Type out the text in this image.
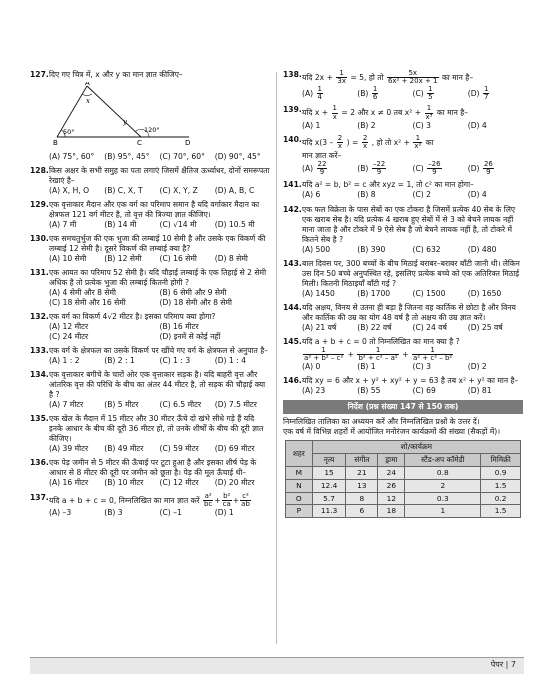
127. दिए गए चित्र में, x और y का मान ज्ञात कीजिए–
A
x
y
50°	120°
B	C	D
(A) 75°, 60°	(B) 95°, 45°	(C) 70°, 60°	(D) 90°, 45°
128. किस अक्षर के सभी समुह का पता लगाएं जिसमें क्षैतिज ऊर्ध्वाधर, दोनों समरूपता रेखाएं है–
(A) X, H, O	(B) C, X, T	(C) X, Y, Z	(D) A, B, C
129. एक वृत्ताकार मैदान और एक वर्ग का परिमाप समान है यदि वर्गाकार मैदान का क्षेत्रफल 121 वर्ग मीटर है, तो वृत्त की त्रिज्या ज्ञात कीजिए।
(A) 7 मी	(B) 14 मी	(C) √14 मी	(D) 10.5 मी
130. एक समचतुर्भुज की एक भुजा की लम्बाई 10 सेमी है और उसके एक विकर्ण की लम्बाई 12 सेमी है। दूसरे विकर्ण की लम्बाई क्या है?
(A) 10 सेमी	(B) 12 सेमी	(C) 16 सेमी	(D) 8 सेमी
131. एक आयत का परिमाप 52 सेमी है। यदि चौड़ाई लम्बाई के एक तिहाई से 2 सेमी अधिक है तो प्रत्येक भुजा की लम्बाई कितनी होगी ?
(A) 4 सेमी और 8 सेमी	(B) 6 सेमी और 9 सेमी
(C) 18 सेमी और 16 सेमी	(D) 18 सेमी और 8 सेमी
132. एक वर्ग का विकर्ण 4√2 मीटर है। इसका परिमाप क्या होगा?
(A) 12 मीटर	(B) 16 मीटर
(C) 24 मीटर	(D) इनमें से कोई नहीं
133. एक वर्ग के क्षेत्रफल का उसके विकर्ण पर खींचे गए वर्ग के क्षेत्रफल से अनुपात है–
(A) 1 : 2	(B) 2 : 1	(C) 1 : 3	(D) 1 : 4
134. एक वृत्ताकार बगीचे के चारों ओर एक वृत्ताकार सड़क है। यदि बाहरी वृत्त और आंतरिक वृत्त की परिधि के बीच का अंतर 44 मीटर है, तो सड़क की चौड़ाई क्या है ?
(A) 7 मीटर	(B) 5 मीटर	(C) 6.5 मीटर	(D) 7.5 मीटर
135. एक खेल के मैदान में 15 मीटर और 30 मीटर ऊँचे दो खंभे सीधे गड़े हैं यदि इनके आधार के बीच की दूरी 36 मीटर हो, तो उनके शीर्षों के बीच की दूरी ज्ञात कीजिए।
(A) 39 मीटर	(B) 49 मीटर	(C) 59 मीटर	(D) 69 मीटर
136. एक पेड़ जमीन से 5 मीटर की ऊँचाई पर टूटा हुआ है और इसका शीर्ष पेड़ के आधार से 8 मीटर की दूरी पर जमीन को छूता है। पेड़ की मूल ऊँचाई थी–
(A) 16 मीटर	(B) 10 मीटर	(C) 12 मीटर	(D) 20 मीटर
137. यदि a + b + c = 0, निम्नलिखित का मान ज्ञात करें $\frac{\text{a²}}{bc} + \frac{\text{b²}}{ca} + \frac{\text{c²}}{ab}$
(A) –3	(B) 3	(C) –1	(D) 1
138. यदि $2x + \frac{1}{3x} = 5$, हो तो $\frac{5x}{\text{6x² + 20x + 1}}$ का मान है–
$(A) \frac{1}{4}$	$(B) \frac{1}{6}$	$(C) \frac{1}{5}$	$(D) \frac{1}{7}$
139. यदि $x + \frac{1}{x} = 2$ और x ≠ 0 तब $x^2 + \frac{1}{\text{x³}}$ का मान है–
(A) 1	(B) 2	(C) 3	(D) 4
140. यदि $x(3 - \frac{2}{x}$ ) = $\frac{2}{x}$ , हो तो $x^2 + \frac{1}{\text{x²}}$ का
मान ज्ञात करें–
$(A) \frac{22}{9}$	$(B) \frac{-22}{9}$	$(C) \frac{-26}{9}$	$(D) \frac{26}{9}$
141. यदि a² = b, b² = c और xyz = 1, तो c² का मान होगा–
(A) 6	(B) 8	(C) 2	(D) 4
142. एक फल विक्रेता के पास सेबों का एक टोकरा है जिसमें प्रत्येक 40 सेब के लिए एक खराब सेब है। यदि प्रत्येक 4 खराब हुए सेबों में से 3 को बेचने लायक नहीं माना जाता है और टोकरे में 9 ऐसे सेब है जो बेचने लायक नहीं है, तो टोकरे में कितने सेब है ?
(A) 500	(B) 390	(C) 632	(D) 480
143. बाल दिवस पर, 300 बच्चों के बीच मिठाई बराबर–बराबर बाँटी जानी थी। लेकिन उस दिन 50 बच्चे अनुपस्थित रहे, इसलिए प्रत्येक बच्चे को एक अतिरिक्त मिठाई मिली। कितनी मिठाइयाँ बाँटी गई ?
(A) 1450	(B) 1700	(C) 1500	(D) 1650
144. यदि अक्षय, विनय से उतना ही बड़ा है जितना वह कार्तिक से छोटा है और विनय और कार्तिक की उम्र का योग 48 वर्ष है तो अक्षय की उम्र ज्ञात करें।
(A) 21 वर्ष	(B) 22 वर्ष	(C) 24 वर्ष	(D) 25 वर्ष
145. यदि a + b + c = 0 तो निम्नलिखित का मान क्या है ?
$\frac{1}{\text{a² + b² – c²}} + \frac{1}{\text{b² + c² – a²}} + \frac{1}{\text{a² + c² – b²}}$
(A) 0	(B) 1	(C) 3	(D) 2
146. यदि xy = 6 और x + y² + xy² + y = 63 है तब x² + y² का मान है–
(A) 23	(B) 55	(C) 69	(D) 81
निर्देश (प्रश्न संख्या 147 से 150 तक)
निम्नलिखित तालिका का अध्ययन करें और निम्नलिखित प्रश्नों के उत्तर दें।
एक वर्ष में विभिन्न शहरों में आयोजित मनोरंजन कार्यक्रमों की संख्या (सैकड़ों में)।
शहर	शो/कार्यक्रम				
	नृत्य	संगीत	ड्रामा	स्टैंड-अप कॉमेडी	मिमिक्री
M	15	21	24	0.8	0.9
N	12.4	13	26	2	1.5
O	5.7	8	12	0.3	0.2
P	11.3	6	18	1	1.5
पेपर | 7
